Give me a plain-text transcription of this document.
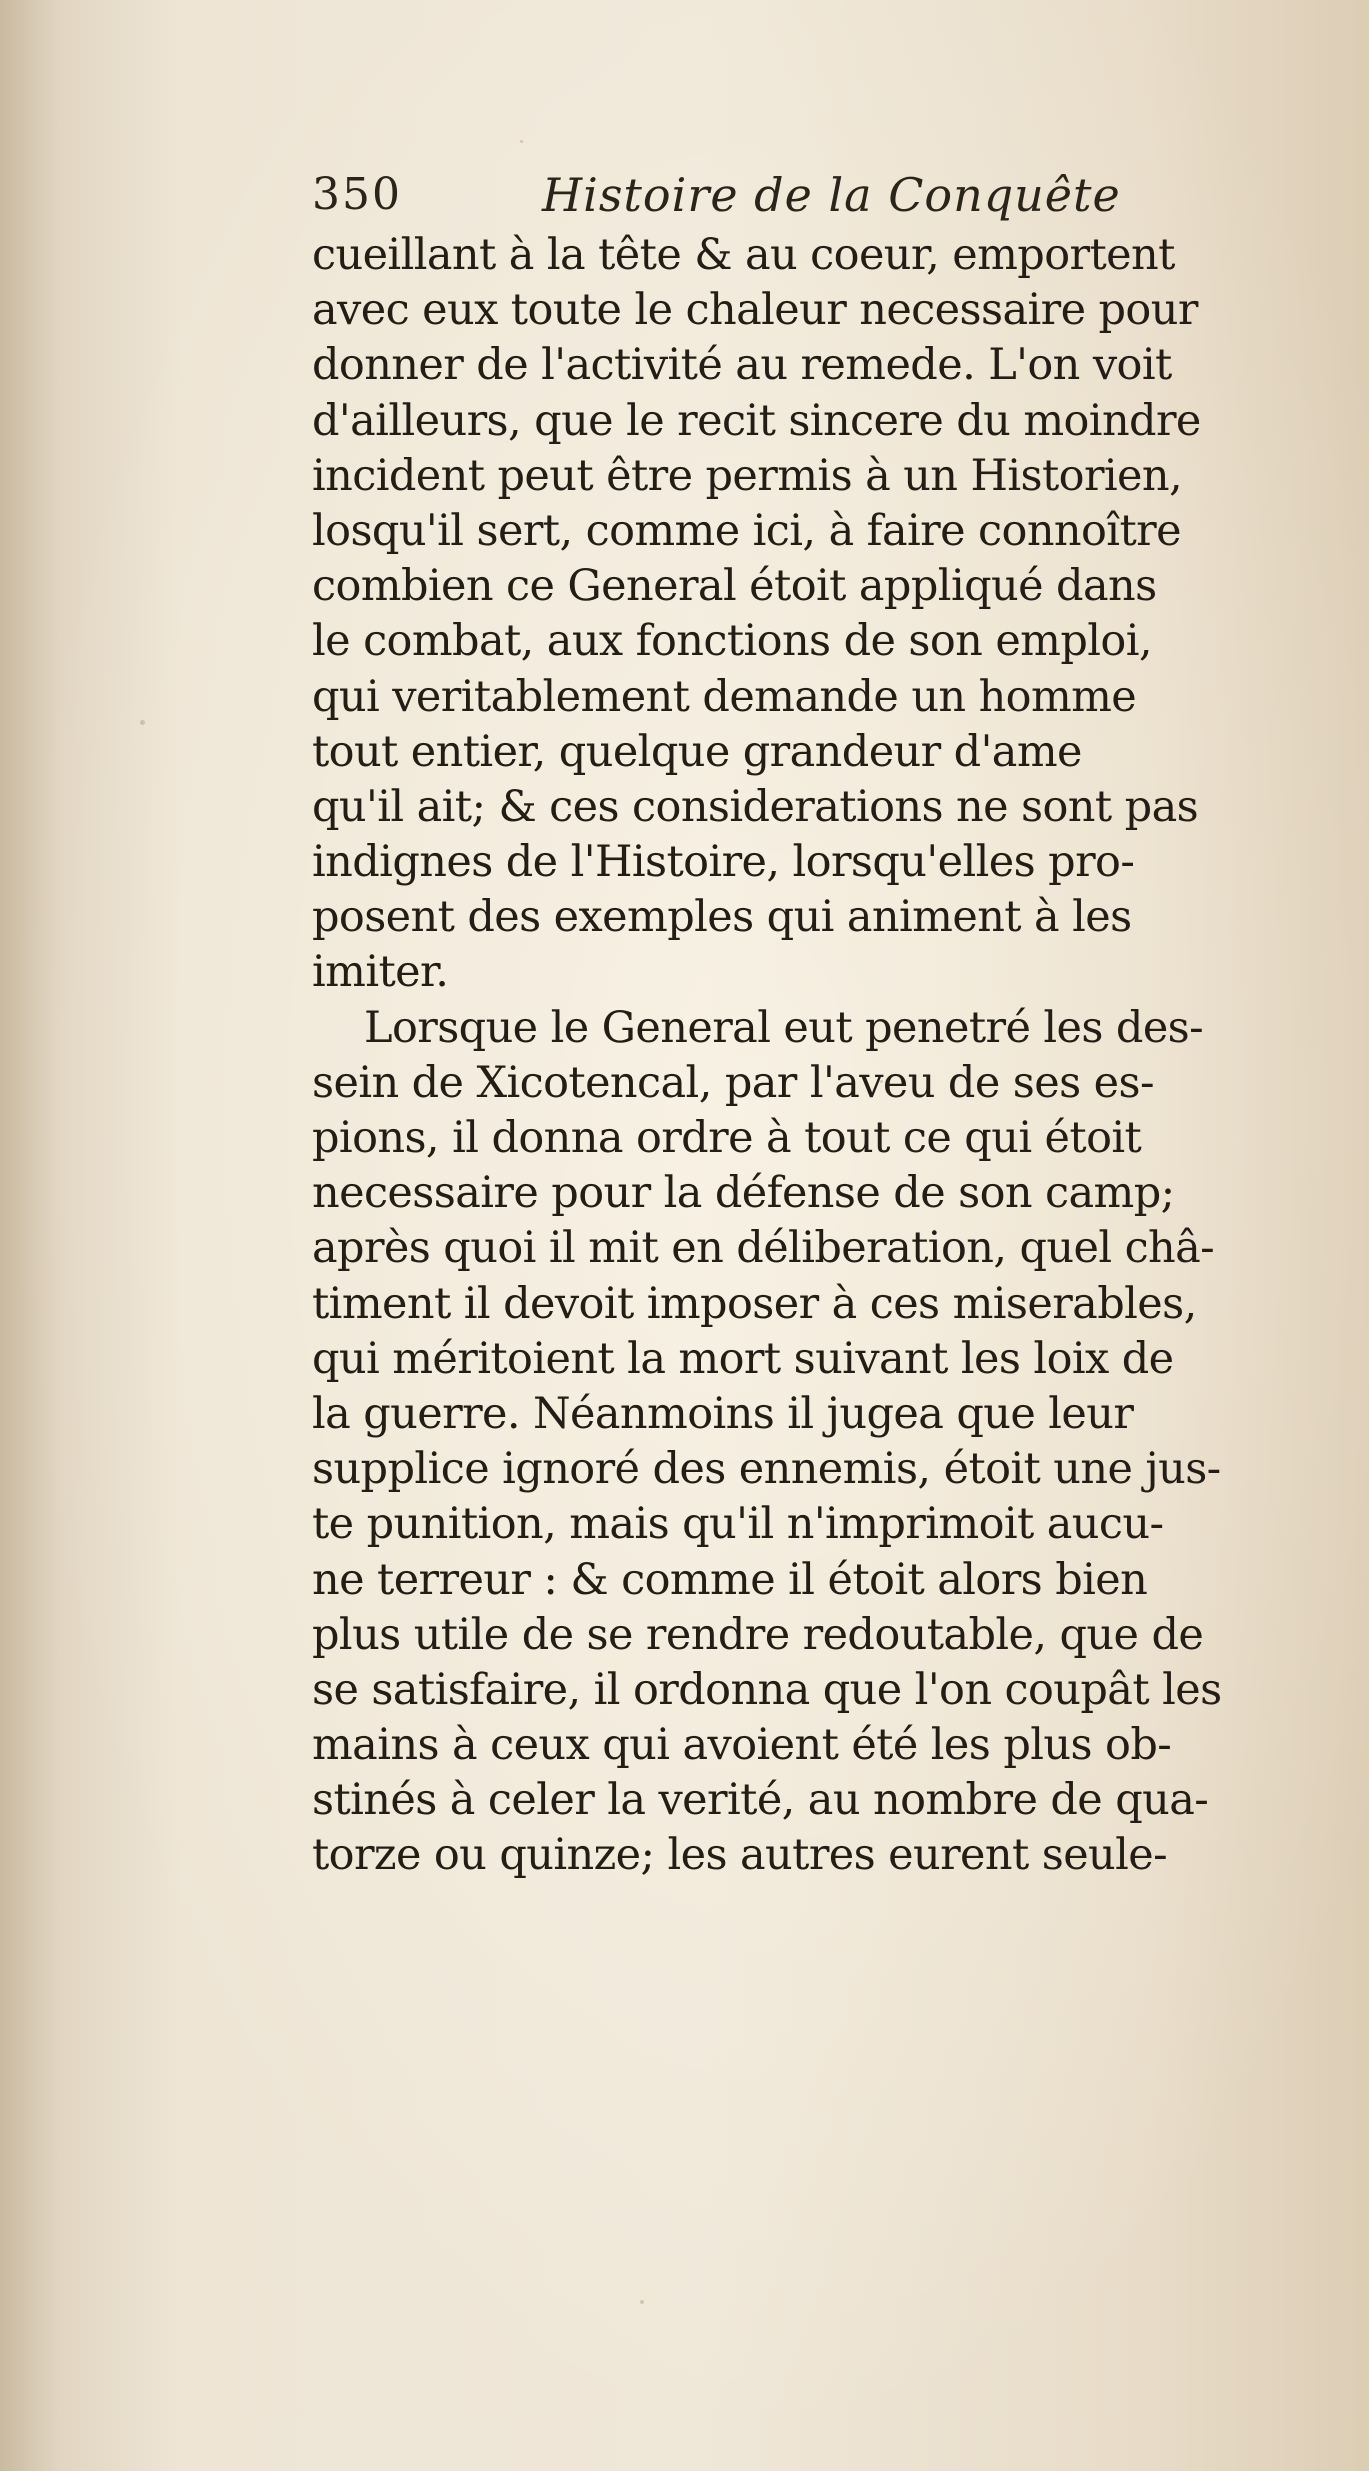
350	Histoire de la Conquête
cueillant à la tête & au coeur, emportent
avec eux toute le chaleur necessaire pour
donner de l'activité au remede. L'on voit
d'ailleurs, que le recit sincere du moindre
incident peut être permis à un Historien,
losqu'il sert, comme ici, à faire connoître
combien ce General étoit appliqué dans
le combat, aux fonctions de son emploi,
qui veritablement demande un homme
tout entier, quelque grandeur d'ame
qu'il ait; & ces considerations ne sont pas
indignes de l'Histoire, lorsqu'elles pro-
posent des exemples qui animent à les
imiter.
Lorsque le General eut penetré les des-
sein de Xicotencal, par l'aveu de ses es-
pions, il donna ordre à tout ce qui étoit
necessaire pour la défense de son camp;
après quoi il mit en déliberation, quel châ-
timent il devoit imposer à ces miserables,
qui méritoient la mort suivant les loix de
la guerre. Néanmoins il jugea que leur
supplice ignoré des ennemis, étoit une jus-
te punition, mais qu'il n'imprimoit aucu-
ne terreur : & comme il étoit alors bien
plus utile de se rendre redoutable, que de
se satisfaire, il ordonna que l'on coupât les
mains à ceux qui avoient été les plus ob-
stinés à celer la verité, au nombre de qua-
torze ou quinze; les autres eurent seule-
